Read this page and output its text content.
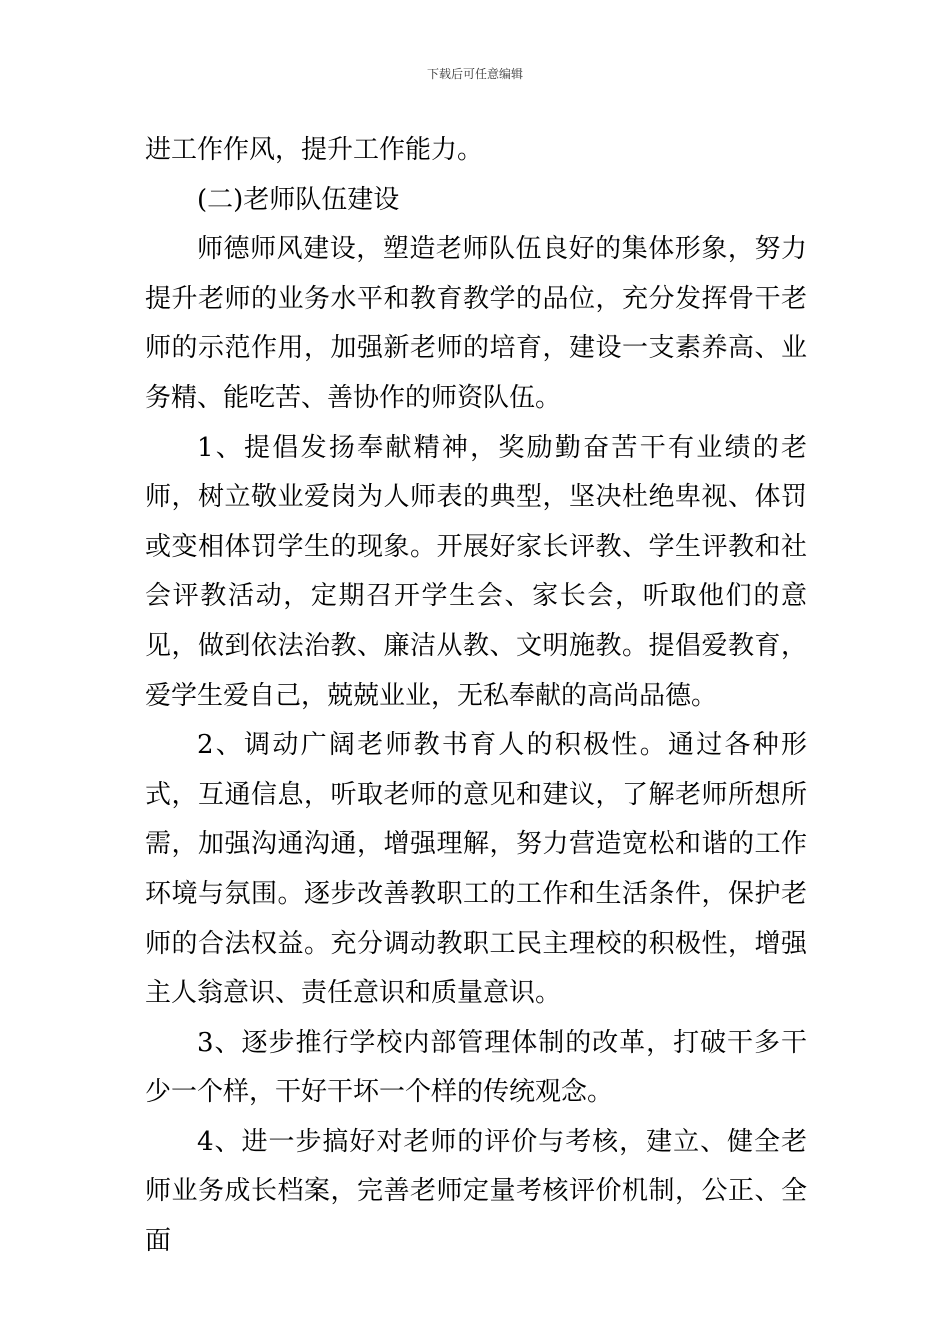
下载后可任意编辑

进工作作风，提升工作能力。

(二)老师队伍建设

师德师风建设，塑造老师队伍良好的集体形象，努力提升老师的业务水平和教育教学的品位，充分发挥骨干老师的示范作用，加强新老师的培育，建设一支素养高、业务精、能吃苦、善协作的师资队伍。

1、提倡发扬奉献精神，奖励勤奋苦干有业绩的老师，树立敬业爱岗为人师表的典型，坚决杜绝卑视、体罚或变相体罚学生的现象。开展好家长评教、学生评教和社会评教活动，定期召开学生会、家长会，听取他们的意见，做到依法治教、廉洁从教、文明施教。提倡爱教育，爱学生爱自己，兢兢业业，无私奉献的高尚品德。

2、调动广阔老师教书育人的积极性。通过各种形式，互通信息，听取老师的意见和建议，了解老师所想所需，加强沟通沟通，增强理解，努力营造宽松和谐的工作环境与氛围。逐步改善教职工的工作和生活条件，保护老师的合法权益。充分调动教职工民主理校的积极性，增强主人翁意识、责任意识和质量意识。

3、逐步推行学校内部管理体制的改革，打破干多干少一个样，干好干坏一个样的传统观念。

4、进一步搞好对老师的评价与考核，建立、健全老师业务成长档案，完善老师定量考核评价机制，公正、全面
